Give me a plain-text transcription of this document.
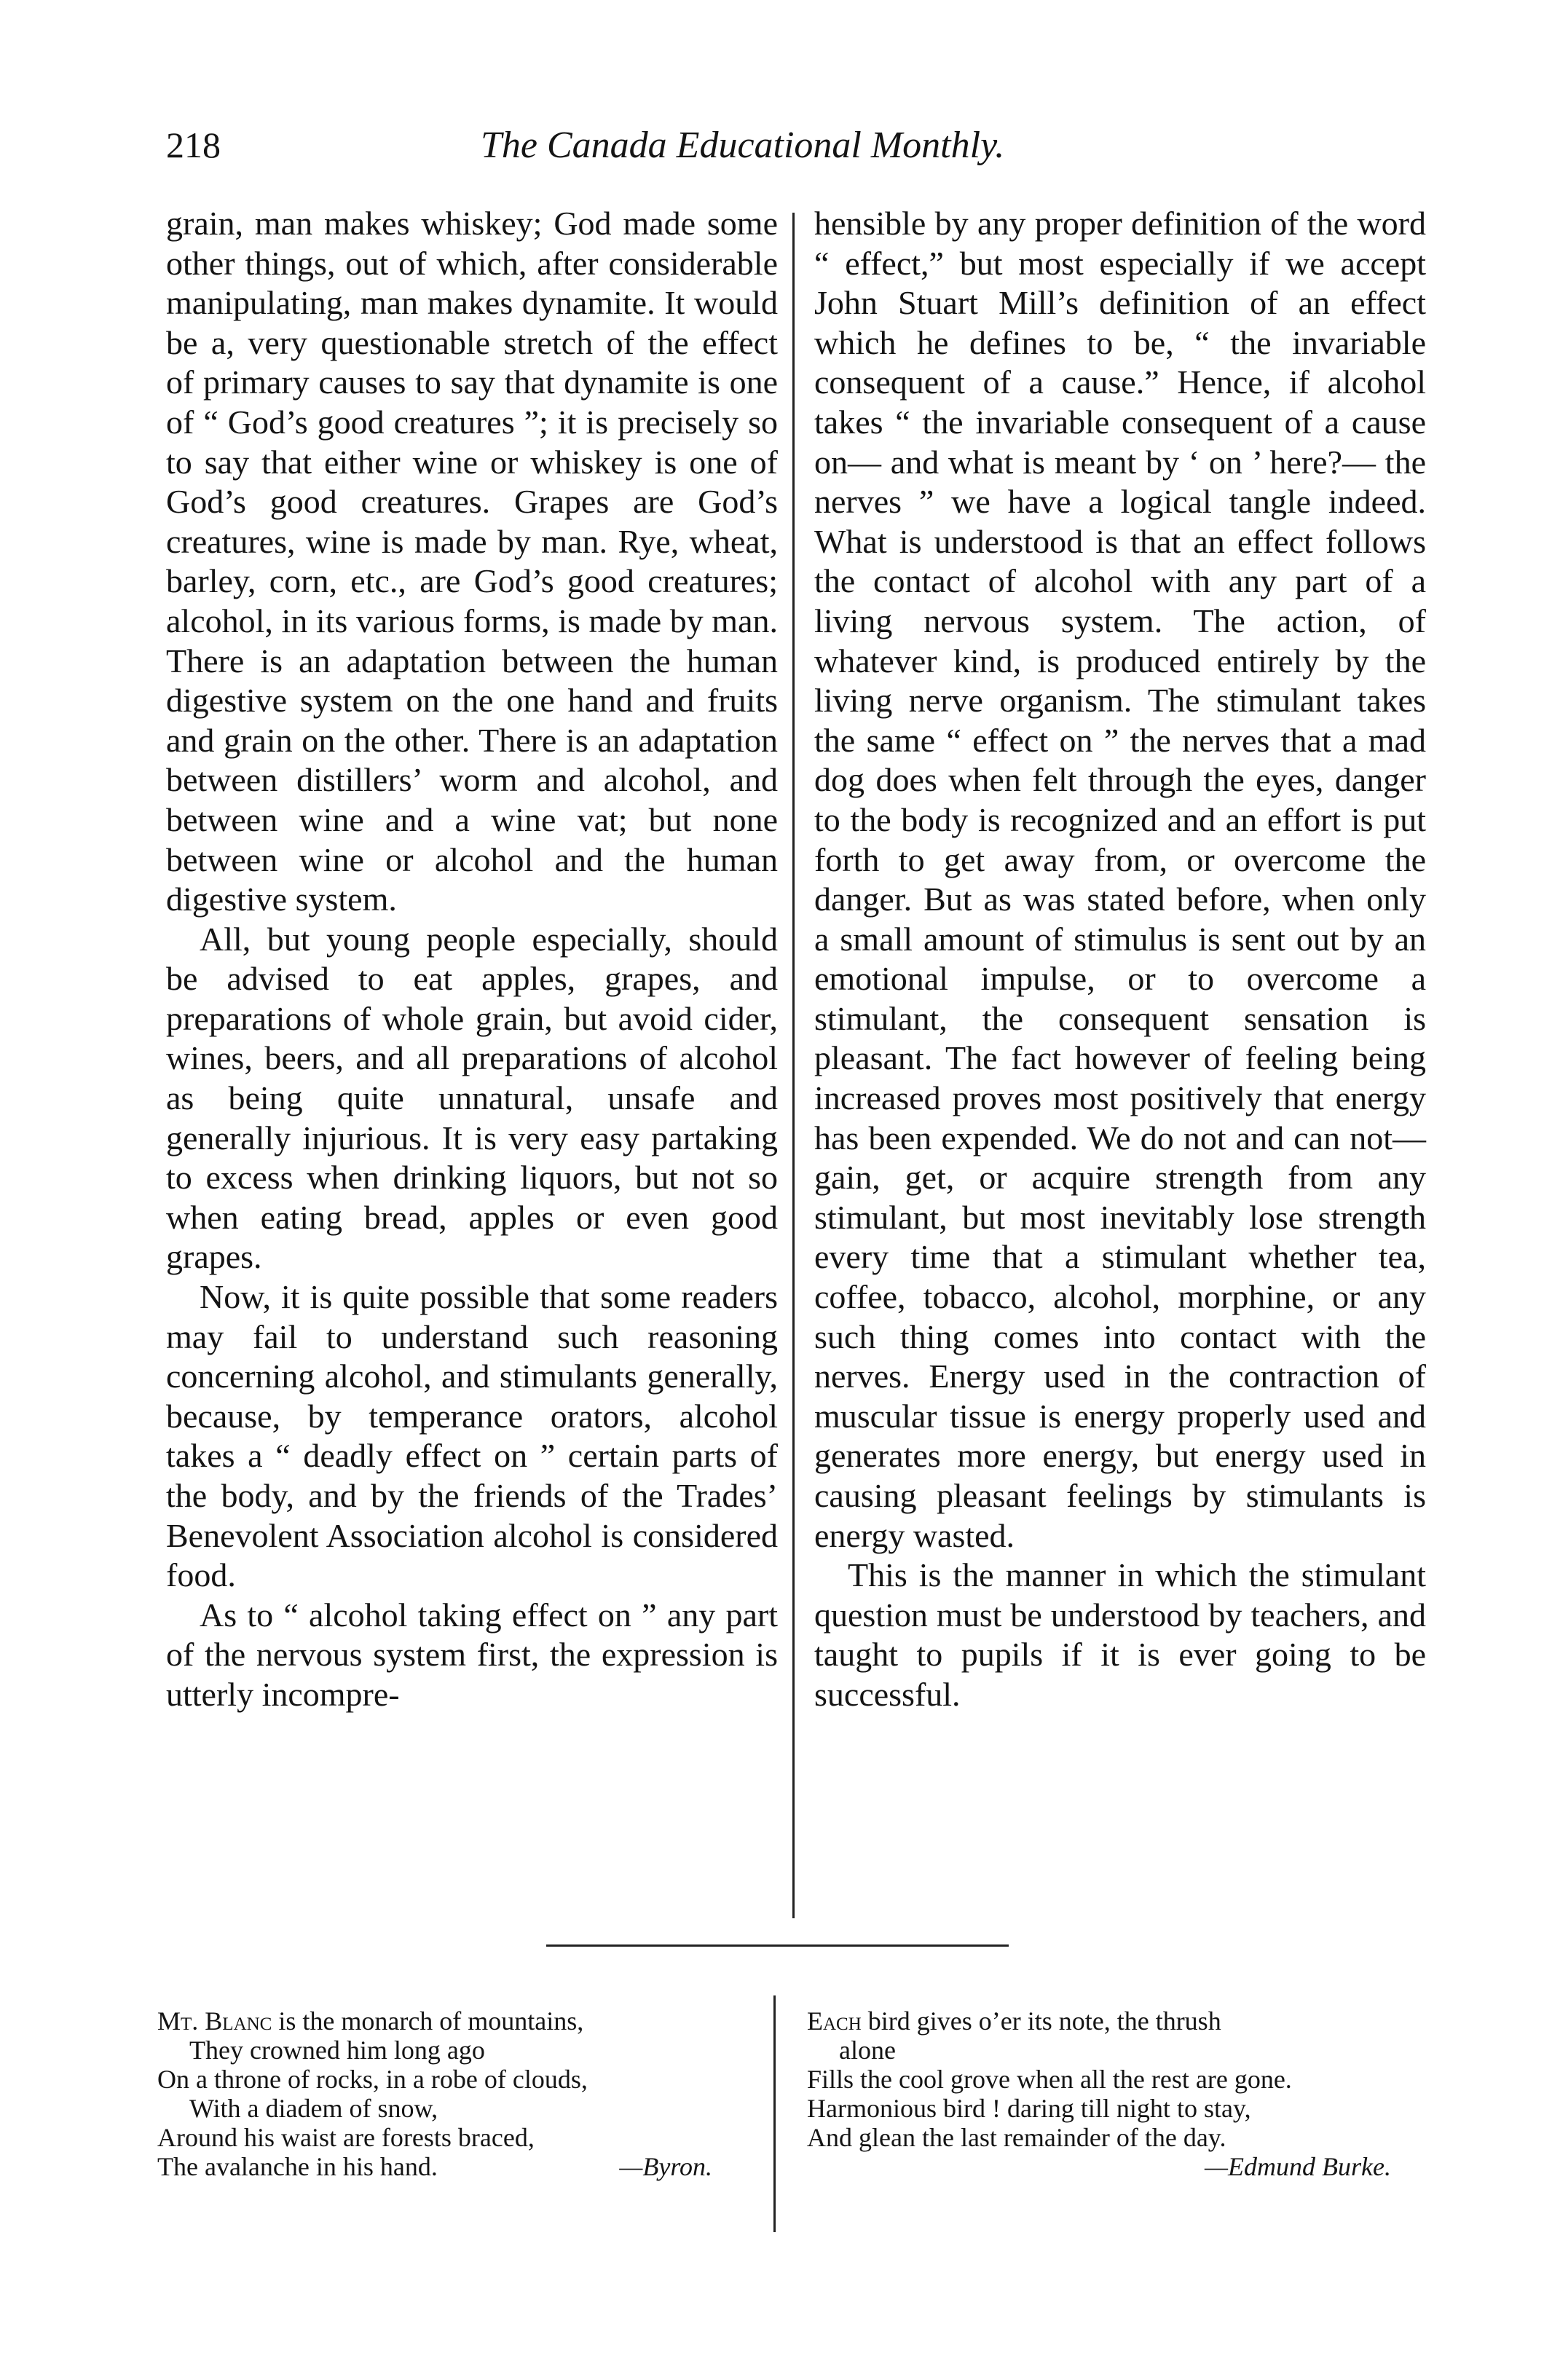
218	The Canada Educational Monthly.

grain, man makes whiskey; God made some other things, out of which, after considerable manipulating, man makes dynamite. It would be a, very questionable stretch of the effect of primary causes to say that dynamite is one of “ God’s good creatures ”; it is precisely so to say that either wine or whiskey is one of God’s good creatures. Grapes are God’s creatures, wine is made by man. Rye, wheat, barley, corn, etc., are God’s good creatures; alcohol, in its various forms, is made by man. There is an adaptation between the human digestive system on the one hand and fruits and grain on the other. There is an adaptation between distillers’ worm and alcohol, and between wine and a wine vat; but none between wine or alcohol and the human digestive system.

All, but young people especially, should be advised to eat apples, grapes, and preparations of whole grain, but avoid cider, wines, beers, and all preparations of alcohol as being quite unnatural, unsafe and generally injurious. It is very easy partaking to excess when drinking liquors, but not so when eating bread, apples or even good grapes.

Now, it is quite possible that some readers may fail to understand such reasoning concerning alcohol, and stimulants generally, because, by temperance orators, alcohol takes a “ deadly effect on ” certain parts of the body, and by the friends of the Trades’ Benevolent Association alcohol is considered food.

As to “ alcohol taking effect on ” any part of the nervous system first, the expression is utterly incompre-

hensible by any proper definition of the word “ effect,” but most especially if we accept John Stuart Mill’s definition of an effect which he defines to be, “ the invariable consequent of a cause.” Hence, if alcohol takes “ the invariable consequent of a cause on— and what is meant by ‘ on ’ here?— the nerves ” we have a logical tangle indeed. What is understood is that an effect follows the contact of alcohol with any part of a living nervous system. The action, of whatever kind, is produced entirely by the living nerve organism. The stimulant takes the same “ effect on ” the nerves that a mad dog does when felt through the eyes, danger to the body is recognized and an effort is put forth to get away from, or overcome the danger. But as was stated before, when only a small amount of stimulus is sent out by an emotional impulse, or to overcome a stimulant, the consequent sensation is pleasant. The fact however of feeling being increased proves most positively that energy has been expended. We do not and can not— gain, get, or acquire strength from any stimulant, but most inevitably lose strength every time that a stimulant whether tea, coffee, tobacco, alcohol, morphine, or any such thing comes into contact with the nerves. Energy used in the contraction of muscular tissue is energy properly used and generates more energy, but energy used in causing pleasant feelings by stimulants is energy wasted.

This is the manner in which the stimulant question must be understood by teachers, and taught to pupils if it is ever going to be successful.

Mt. Blanc is the monarch of mountains,
They crowned him long ago
On a throne of rocks, in a robe of clouds,
With a diadem of snow,
Around his waist are forests braced,
The avalanche in his hand.	—Byron.
Each bird gives o’er its note, the thrush
alone
Fills the cool grove when all the rest are gone.
Harmonious bird ! daring till night to stay,
And glean the last remainder of the day.
—Edmund Burke.
